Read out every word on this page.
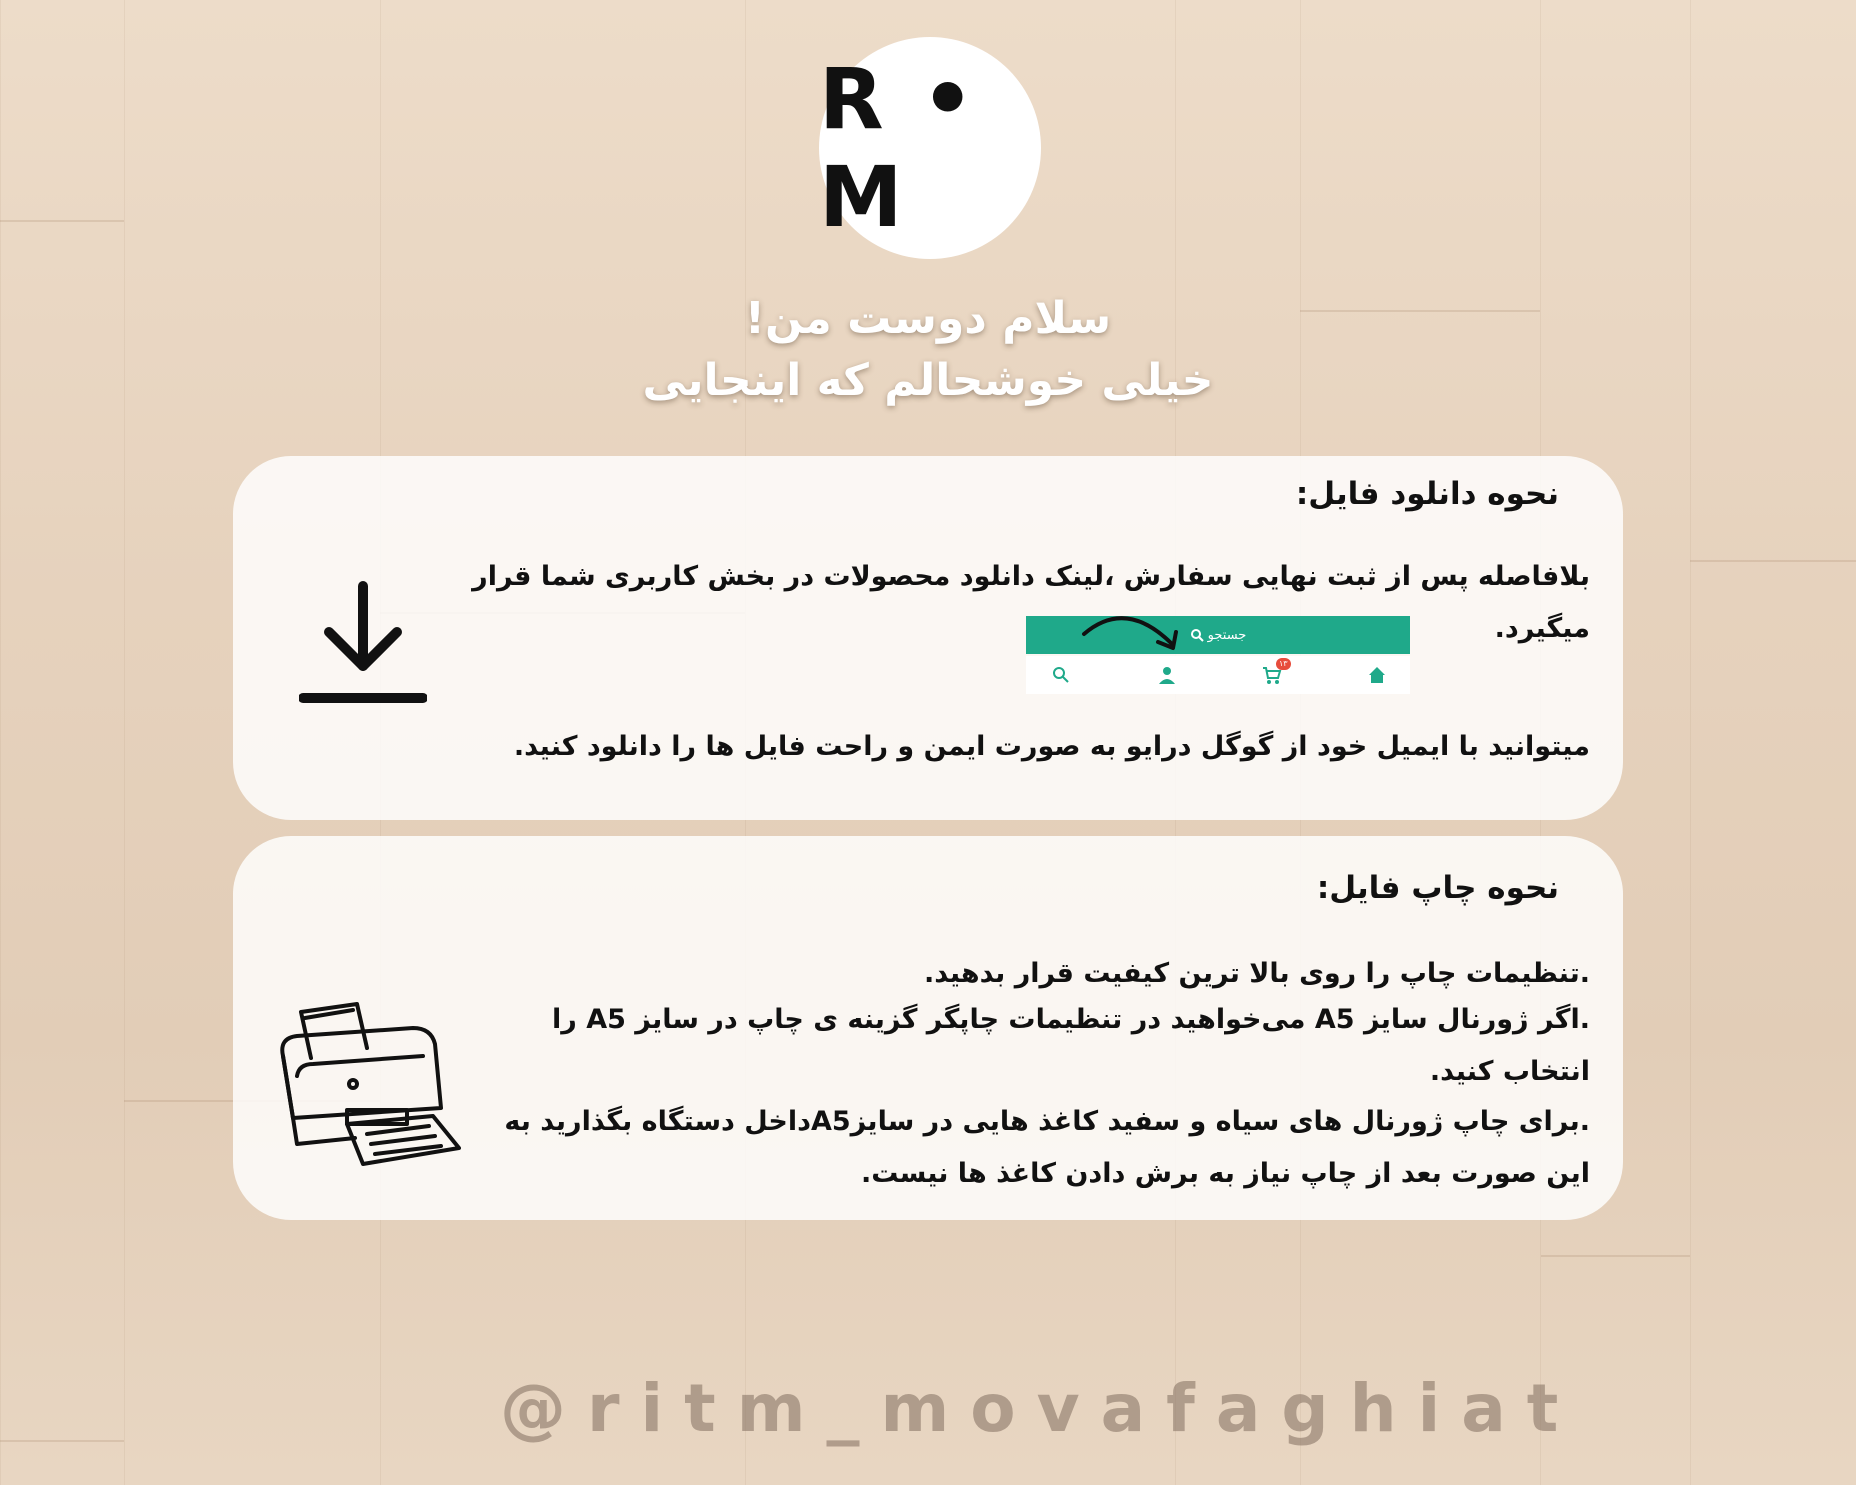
R • M
سلام دوست من!
خیلی خوشحالم که اینجایی
نحوه دانلود فایل:
بلافاصله پس از ثبت نهایی سفارش ،لینک دانلود محصولات در بخش کاربری شما قرار میگیرد.
میتوانید با ایمیل خود از گوگل درایو به صورت ایمن و راحت فایل ها را دانلود کنید.
جستجو
۱۳
نحوه چاپ فایل:
.تنظیمات چاپ را روی بالا ترین کیفیت قرار بدهید.
.اگر ژورنال سایز A5 می‌خواهید در تنظیمات چاپگر گزینه ی چاپ در سایز A5 را انتخاب کنید.
.برای چاپ ژورنال های سیاه و سفید کاغذ هایی در سایزA5داخل دستگاه بگذارید به این صورت بعد از چاپ نیاز به برش دادن کاغذ ها نیست.
@ritm_movafaghiat
